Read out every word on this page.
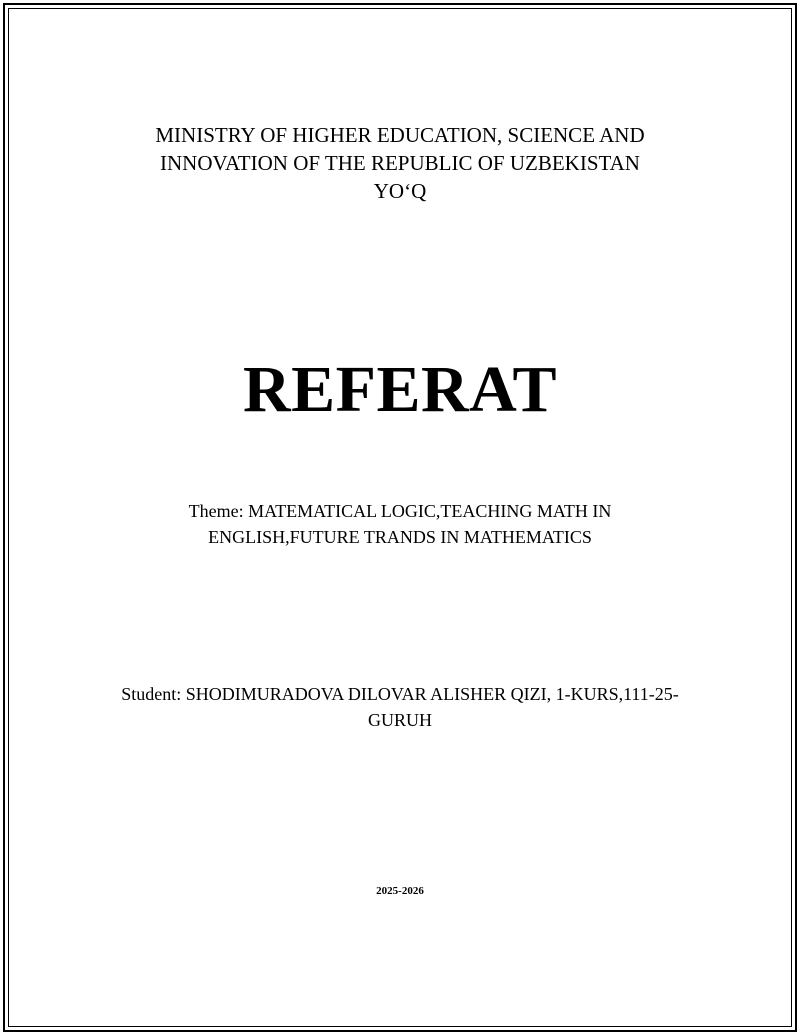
MINISTRY OF HIGHER EDUCATION, SCIENCE AND
INNOVATION OF THE REPUBLIC OF UZBEKISTAN
YO‘Q
REFERAT
Theme: MATEMATICAL LOGIC,TEACHING MATH IN ENGLISH,FUTURE TRANDS IN MATHEMATICS
Student: SHODIMURADOVA DILOVAR ALISHER QIZI, 1-KURS,111-25-GURUH
2025-2026
